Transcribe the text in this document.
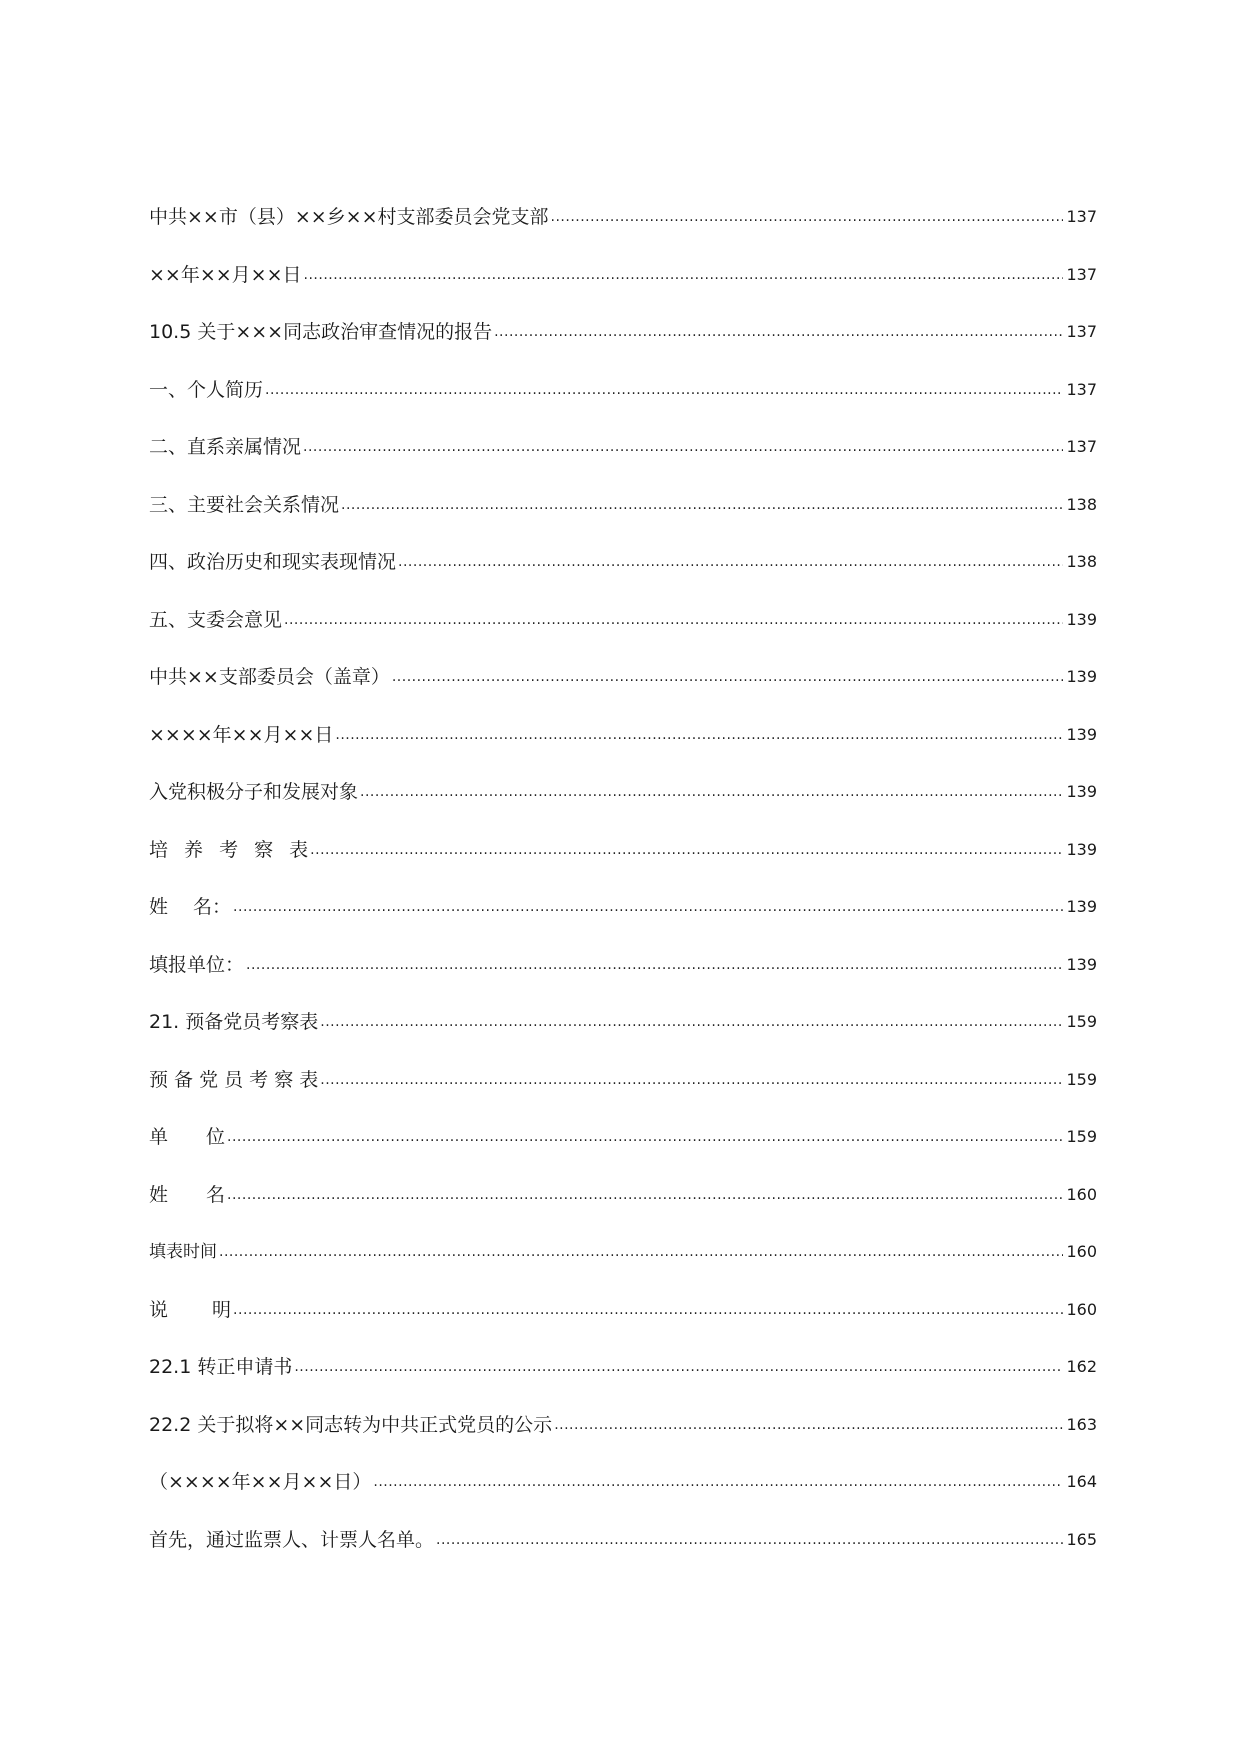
中共××市（县）××乡××村支部委员会党支部 .....	137
××年××月××日 .....	137
10.5 关于×××同志政治审查情况的报告 .....	137
一、个人简历 .....	137
二、直系亲属情况 .....	137
三、主要社会关系情况 .....	138
四、政治历史和现实表现情况 .....	138
五、支委会意见 .....	139
中共××支部委员会（盖章） .....	139
××××年××月××日 .....	139
入党积极分子和发展对象 .....	139
培 养 考 察 表 .....	139
姓　 名： .....	139
填报单位： .....	139
21. 预备党员考察表 .....	159
预 备 党 员 考 察 表 .....	159
单　　位 .....	159
姓　　名 .....	160
填表时间 .....	160
说　　 明 .....	160
22.1 转正申请书 .....	162
22.2 关于拟将××同志转为中共正式党员的公示 .....	163
（××××年××月××日） .....	164
首先，通过监票人、计票人名单。 .....	165
